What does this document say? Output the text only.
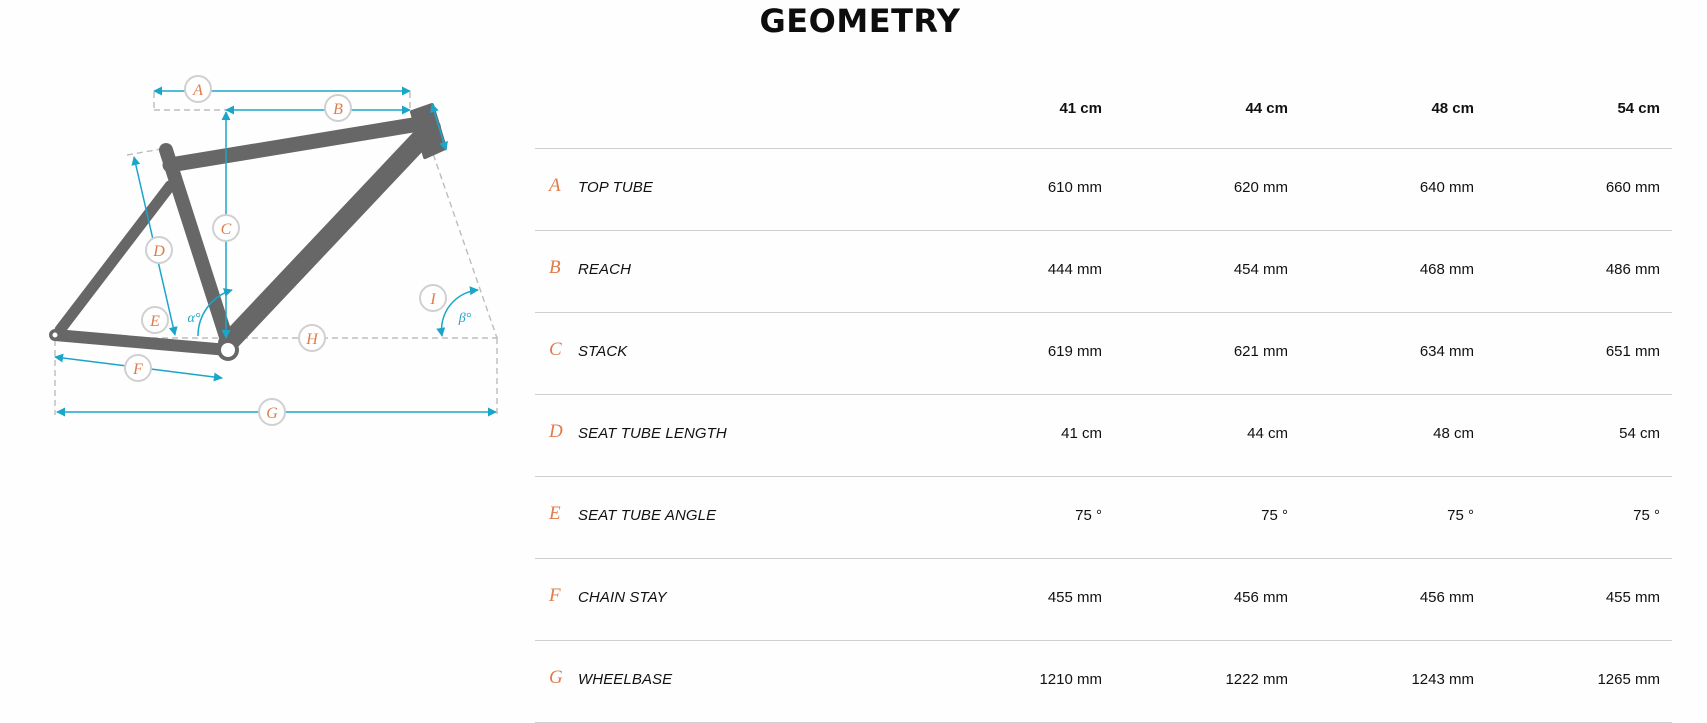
GEOMETRY
A
B
C
D
E
F
G
H
I
α°	β°
41 cm	44 cm	48 cm	54 cm
A TOP TUBE	610 mm	620 mm	640 mm	660 mm
B REACH	444 mm	454 mm	468 mm	486 mm
C STACK	619 mm	621 mm	634 mm	651 mm
D SEAT TUBE LENGTH	41 cm	44 cm	48 cm	54 cm
E SEAT TUBE ANGLE	75 °	75 °	75 °	75 °
F CHAIN STAY	455 mm	456 mm	456 mm	455 mm
G WHEELBASE	1210 mm	1222 mm	1243 mm	1265 mm
